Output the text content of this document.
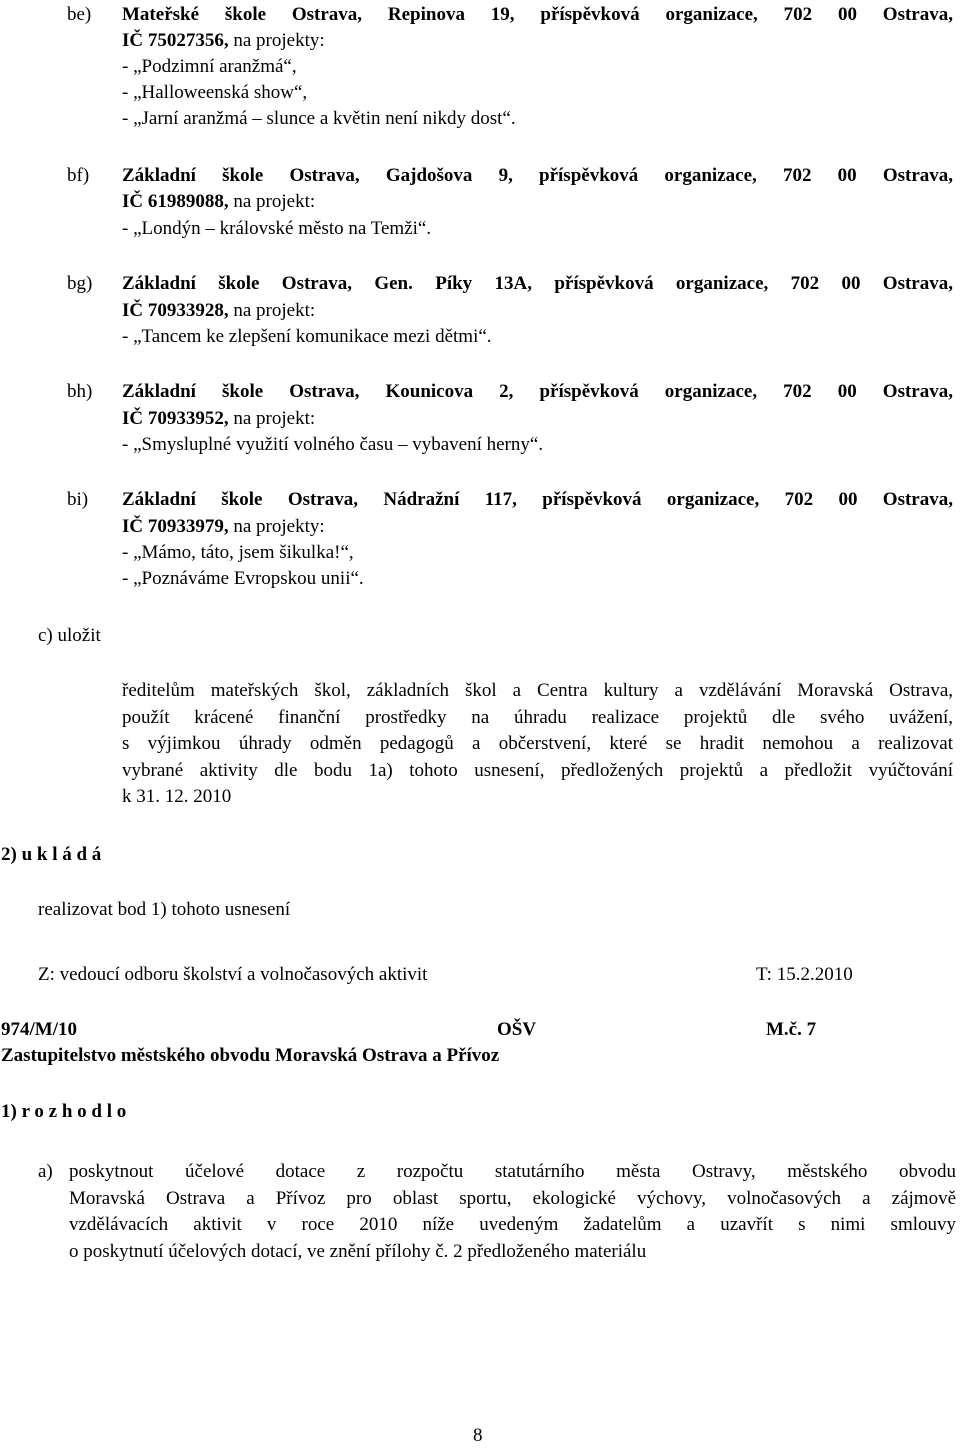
be) Mateřské škole Ostrava, Repinova 19, příspěvková organizace, 702 00 Ostrava,
IČ 75027356, na projekty:
- „Podzimní aranžmá“,
- „Halloweenská show“,
- „Jarní aranžmá – slunce a květin není nikdy dost“.
bf) Základní škole Ostrava, Gajdošova 9, příspěvková organizace, 702 00 Ostrava,
IČ 61989088, na projekt:
- „Londýn – královské město na Temži“.
bg) Základní škole Ostrava, Gen. Píky 13A, příspěvková organizace, 702 00 Ostrava,
IČ 70933928, na projekt:
- „Tancem ke zlepšení komunikace mezi dětmi“.
bh) Základní škole Ostrava, Kounicova 2, příspěvková organizace, 702 00 Ostrava,
IČ 70933952, na projekt:
- „Smysluplné využití volného času – vybavení herny“.
bi) Základní škole Ostrava, Nádražní 117, příspěvková organizace, 702 00 Ostrava,
IČ 70933979, na projekty:
- „Mámo, táto, jsem šikulka!“,
- „Poznáváme Evropskou unii“.
c) uložit
ředitelům mateřských škol, základních škol a Centra kultury a vzdělávání Moravská Ostrava,
použít krácené finanční prostředky na úhradu realizace projektů dle svého uvážení,
s výjimkou úhrady odměn pedagogů a občerstvení, které se hradit nemohou a realizovat
vybrané aktivity dle bodu 1a) tohoto usnesení, předložených projektů a předložit vyúčtování
k 31. 12. 2010
2) u k l á d á
realizovat bod 1) tohoto usnesení
Z: vedoucí odboru školství a volnočasových aktivit	T: 15.2.2010
974/M/10	OŠV	M.č. 7
Zastupitelstvo městského obvodu Moravská Ostrava a Přívoz
1) r o z h o d l o
a) poskytnout účelové dotace z rozpočtu statutárního města Ostravy, městského obvodu
Moravská Ostrava a Přívoz pro oblast sportu, ekologické výchovy, volnočasových a zájmově
vzdělávacích aktivit v roce 2010 níže uvedeným žadatelům a uzavřít s nimi smlouvy
o poskytnutí účelových dotací, ve znění přílohy č. 2 předloženého materiálu
8
